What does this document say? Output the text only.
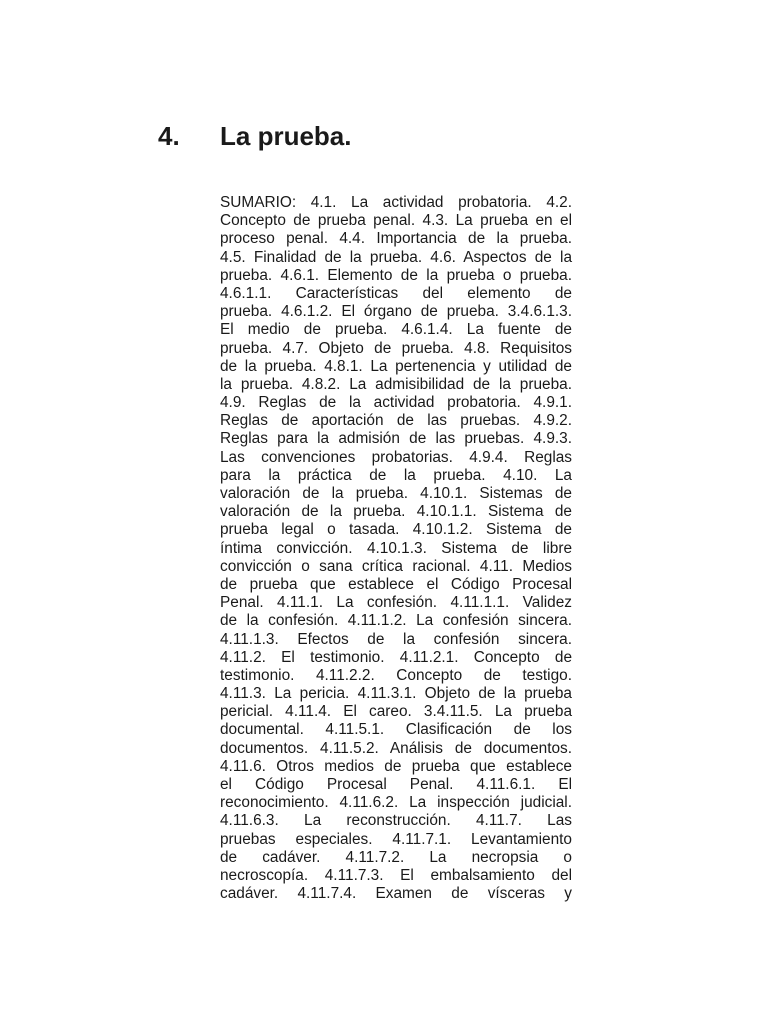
4.	La prueba.
SUMARIO: 4.1. La actividad probatoria. 4.2.
Concepto de prueba penal. 4.3. La prueba en el
proceso penal. 4.4. Importancia de la prueba.
4.5. Finalidad de la prueba. 4.6. Aspectos de la
prueba. 4.6.1. Elemento de la prueba o prueba.
4.6.1.1. Características del elemento de
prueba. 4.6.1.2. El órgano de prueba. 3.4.6.1.3.
El medio de prueba. 4.6.1.4. La fuente de
prueba. 4.7. Objeto de prueba. 4.8. Requisitos
de la prueba. 4.8.1. La pertenencia y utilidad de
la prueba. 4.8.2. La admisibilidad de la prueba.
4.9. Reglas de la actividad probatoria. 4.9.1.
Reglas de aportación de las pruebas. 4.9.2.
Reglas para la admisión de las pruebas. 4.9.3.
Las convenciones probatorias. 4.9.4. Reglas
para la práctica de la prueba. 4.10. La
valoración de la prueba. 4.10.1. Sistemas de
valoración de la prueba. 4.10.1.1. Sistema de
prueba legal o tasada. 4.10.1.2. Sistema de
íntima convicción. 4.10.1.3. Sistema de libre
convicción o sana crítica racional. 4.11. Medios
de prueba que establece el Código Procesal
Penal. 4.11.1. La confesión. 4.11.1.1. Validez
de la confesión. 4.11.1.2. La confesión sincera.
4.11.1.3. Efectos de la confesión sincera.
4.11.2. El testimonio. 4.11.2.1. Concepto de
testimonio. 4.11.2.2. Concepto de testigo.
4.11.3. La pericia. 4.11.3.1. Objeto de la prueba
pericial. 4.11.4. El careo. 3.4.11.5. La prueba
documental. 4.11.5.1. Clasificación de los
documentos. 4.11.5.2. Análisis de documentos.
4.11.6. Otros medios de prueba que establece
el Código Procesal Penal. 4.11.6.1. El
reconocimiento. 4.11.6.2. La inspección judicial.
4.11.6.3. La reconstrucción. 4.11.7. Las
pruebas especiales. 4.11.7.1. Levantamiento
de cadáver. 4.11.7.2. La necropsia o
necroscopía. 4.11.7.3. El embalsamiento del
cadáver. 4.11.7.4. Examen de vísceras y
